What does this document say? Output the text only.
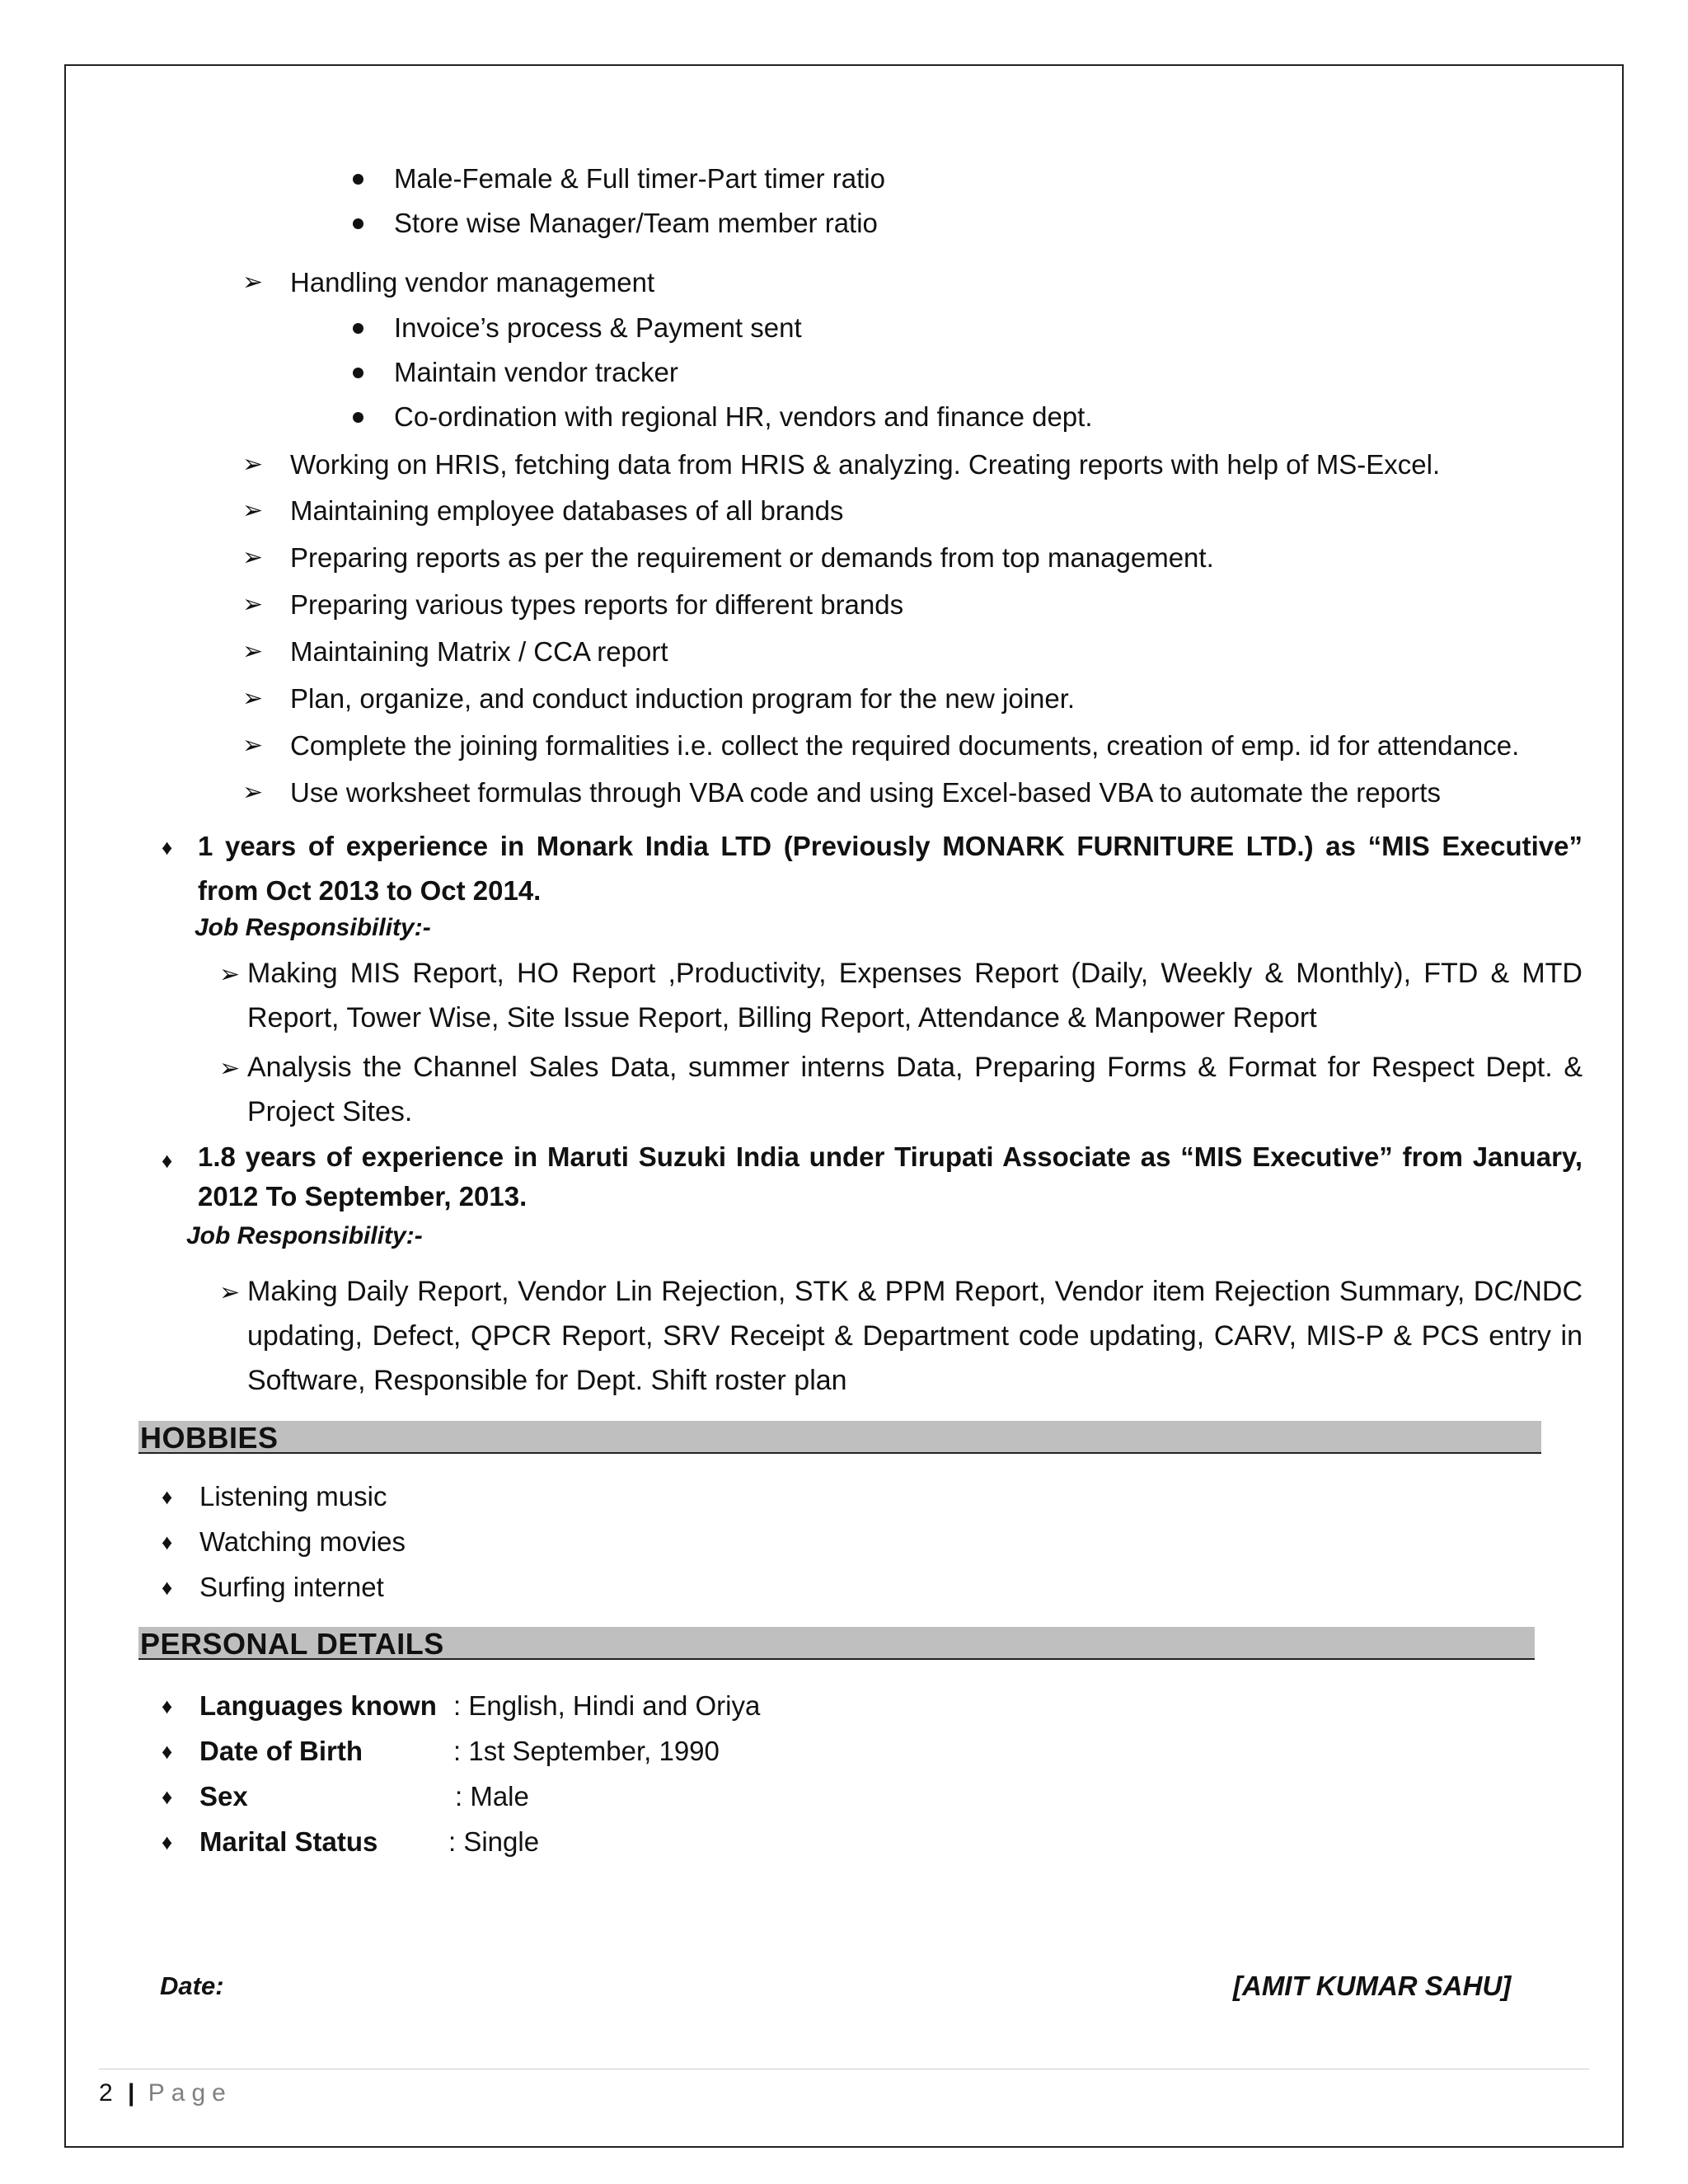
Male-Female & Full timer-Part timer ratio
Store wise Manager/Team member ratio
➢ Handling vendor management
Invoice’s process & Payment sent
Maintain vendor tracker
Co-ordination with regional HR, vendors and finance dept.
➢ Working on HRIS, fetching data from HRIS & analyzing. Creating reports with help of MS-Excel.
➢ Maintaining employee databases of all brands
➢ Preparing reports as per the requirement or demands from top management.
➢ Preparing various types reports for different brands
➢ Maintaining Matrix / CCA report
➢ Plan, organize, and conduct induction program for the new joiner.
➢ Complete the joining formalities i.e. collect the required documents, creation of emp. id for attendance.
➢ Use worksheet formulas through VBA code and using Excel-based VBA to automate the reports
♦ 1 years of experience in Monark India LTD (Previously MONARK FURNITURE LTD.) as “MIS Executive” from Oct 2013 to Oct 2014.
Job Responsibility:-
➢ Making MIS Report, HO Report ,Productivity, Expenses Report (Daily, Weekly & Monthly), FTD & MTD Report, Tower Wise, Site Issue Report, Billing Report, Attendance & Manpower Report
➢ Analysis the Channel Sales Data, summer interns Data, Preparing Forms & Format for Respect Dept. & Project Sites.
♦ 1.8 years of experience in Maruti Suzuki India under Tirupati Associate as “MIS Executive” from January, 2012 To September, 2013.
Job Responsibility:-
➢ Making Daily Report, Vendor Lin Rejection, STK & PPM Report, Vendor item Rejection Summary, DC/NDC updating, Defect, QPCR Report, SRV Receipt & Department code updating, CARV, MIS-P & PCS entry in Software, Responsible for Dept. Shift roster plan
HOBBIES
♦ Listening music
♦ Watching movies
♦ Surfing internet
PERSONAL DETAILS
♦ Languages known : English, Hindi and Oriya
♦ Date of Birth	: 1st September, 1990
♦ Sex	: Male
♦ Marital Status	: Single
Date:	[AMIT KUMAR SAHU]
2 | Page
